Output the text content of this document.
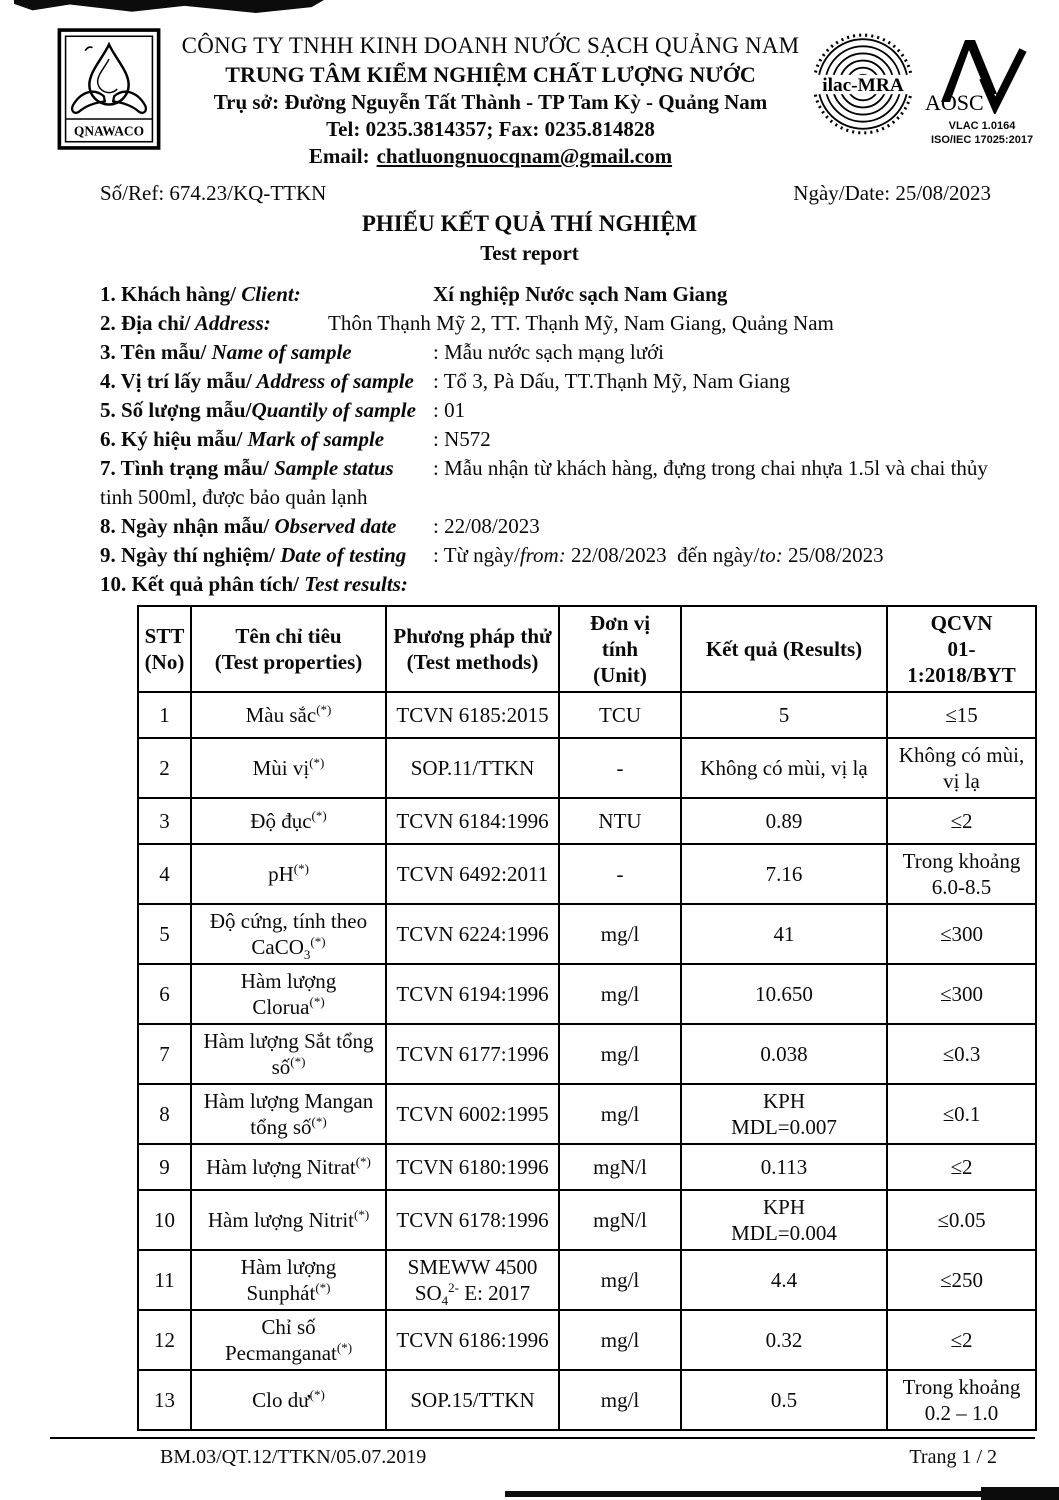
QNAWACO
CÔNG TY TNHH KINH DOANH NƯỚC SẠCH QUẢNG NAM
TRUNG TÂM KIỂM NGHIỆM CHẤT LƯỢNG NƯỚC
Trụ sở: Đường Nguyễn Tất Thành - TP Tam Kỳ - Quảng Nam
Tel: 0235.3814357; Fax: 0235.814828
Email: chatluongnuocqnam@gmail.com
ilac-MRA
AOSC
VLAC 1.0164
ISO/IEC 17025:2017
Số/Ref: 674.23/KQ-TTKN	Ngày/Date: 25/08/2023
PHIẾU KẾT QUẢ THÍ NGHIỆM
Test report
1. Khách hàng/ Client:	Xí nghiệp Nước sạch Nam Giang
2. Địa chỉ/ Address:	Thôn Thạnh Mỹ 2, TT. Thạnh Mỹ, Nam Giang, Quảng Nam
3. Tên mẫu/ Name of sample	: Mẫu nước sạch mạng lưới
4. Vị trí lấy mẫu/ Address of sample : Tổ 3, Pà Dấu, TT.Thạnh Mỹ, Nam Giang
5. Số lượng mẫu/Quantily of sample : 01
6. Ký hiệu mẫu/ Mark of sample : N572
7. Tình trạng mẫu/ Sample status : Mẫu nhận từ khách hàng, đựng trong chai nhựa 1.5l và chai thủy tinh 500ml, được bảo quản lạnh
8. Ngày nhận mẫu/ Observed date : 22/08/2023
9. Ngày thí nghiệm/ Date of testing : Từ ngày/from: 22/08/2023  đến ngày/to: 25/08/2023
10. Kết quả phân tích/ Test results:
STT
(No)	Tên chỉ tiêu
(Test properties)	Phương pháp thử
(Test methods)	Đơn vị
tính
(Unit)	Kết quả (Results)	QCVN
01-
1:2018/BYT
1	Màu sắc(*)	TCVN 6185:2015	TCU	5	≤15
2	Mùi vị(*)	SOP.11/TTKN	-	Không có mùi, vị lạ	Không có mùi,
vị lạ
3	Độ đục(*)	TCVN 6184:1996	NTU	0.89	≤2
4	pH(*)	TCVN 6492:2011	-	7.16	Trong khoảng
6.0-8.5
5	Độ cứng, tính theo
CaCO$_3$(*)	TCVN 6224:1996	mg/l	41	≤300
6	Hàm lượng
Clorua(*)	TCVN 6194:1996	mg/l	10.650	≤300
7	Hàm lượng Sắt tổng
số(*)	TCVN 6177:1996	mg/l	0.038	≤0.3
8	Hàm lượng Mangan
tổng số(*)	TCVN 6002:1995	mg/l	KPH
MDL=0.007	≤0.1
9	Hàm lượng Nitrat(*)	TCVN 6180:1996	mgN/l	0.113	≤2
10	Hàm lượng Nitrit(*)	TCVN 6178:1996	mgN/l	KPH
MDL=0.004	≤0.05
11	Hàm lượng
Sunphát(*)	SMEWW 4500
$SO_4^{2-}$ E: 2017	mg/l	4.4	≤250
12	Chỉ số
Pecmanganat(*)	TCVN 6186:1996	mg/l	0.32	≤2
13	Clo dư(*)	SOP.15/TTKN	mg/l	0.5	Trong khoảng
0.2 – 1.0
BM.03/QT.12/TTKN/05.07.2019	Trang 1 / 2
